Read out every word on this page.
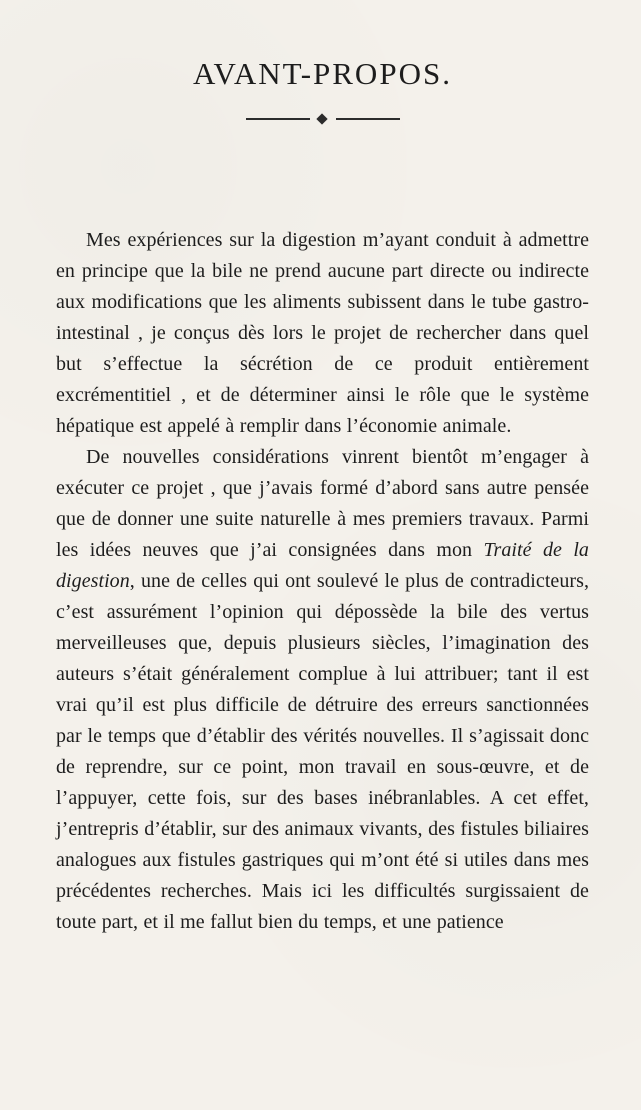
AVANT-PROPOS.

Mes expériences sur la digestion m’ayant conduit à admettre en principe que la bile ne prend aucune part directe ou indirecte aux modifications que les aliments subissent dans le tube gastro-intestinal , je conçus dès lors le projet de rechercher dans quel but s’effectue la sécrétion de ce produit entièrement excrémentitiel , et de déterminer ainsi le rôle que le système hépatique est appelé à remplir dans l’économie animale.

De nouvelles considérations vinrent bientôt m’engager à exécuter ce projet , que j’avais formé d’abord sans autre pensée que de donner une suite naturelle à mes premiers travaux. Parmi les idées neuves que j’ai consignées dans mon Traité de la digestion, une de celles qui ont soulevé le plus de contradicteurs, c’est assurément l’opinion qui dépossède la bile des vertus merveilleuses que, depuis plusieurs siècles, l’imagination des auteurs s’était généralement complue à lui attribuer; tant il est vrai qu’il est plus difficile de détruire des erreurs sanctionnées par le temps que d’établir des vérités nouvelles. Il s’agissait donc de reprendre, sur ce point, mon travail en sous-œuvre, et de l’appuyer, cette fois, sur des bases inébranlables. A cet effet, j’entrepris d’établir, sur des animaux vivants, des fistules biliaires analogues aux fistules gastriques qui m’ont été si utiles dans mes précédentes recherches. Mais ici les difficultés surgissaient de toute part, et il me fallut bien du temps, et une patience
